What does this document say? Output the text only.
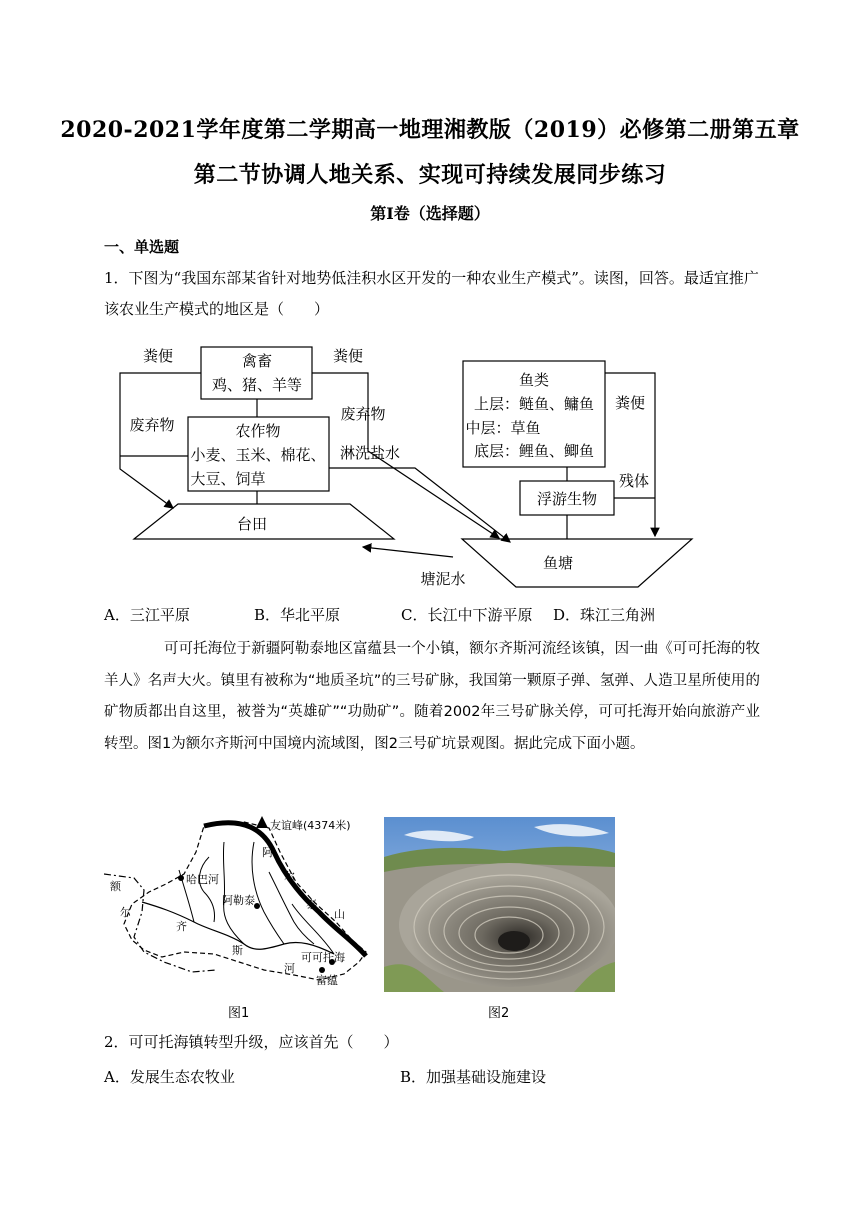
2020-2021学年度第二学期高一地理湘教版（2019）必修第二册第五章
第二节协调人地关系、实现可持续发展同步练习
第Ⅰ卷（选择题）
一、单选题
1．下图为“我国东部某省针对地势低洼积水区开发的一种农业生产模式”。读图，回答。最适宜推广该农业生产模式的地区是（　　）
禽畜
鸡、猪、羊等
农作物
小麦、玉米、棉花、
大豆、饲草
鱼类
上层：鲢鱼、鳙鱼
中层：草鱼
底层：鲤鱼、鲫鱼
浮游生物
台田
鱼塘
粪便	粪便
粪便
废弃物
废弃物
淋洗盐水
残体
塘泥水
A．三江平原	B．华北平原	C．长江中下游平原 D．珠江三角洲
可可托海位于新疆阿勒泰地区富蕴县一个小镇，额尔齐斯河流经该镇，因一曲《可可托海的牧羊人》名声大火。镇里有被称为“地质圣坑”的三号矿脉，我国第一颗原子弹、氢弹、人造卫星所使用的矿物质都出自这里，被誉为“英雄矿”“功勋矿”。随着2002年三号矿脉关停，可可托海开始向旅游产业转型。图1为额尔齐斯河中国境内流域图，图2三号矿坑景观图。据此完成下面小题。
友谊峰(4374米)
哈巴河
阿勒泰
可可托海
富蕴
额
尔
齐
斯
河
阿
尔
泰
山
图1	图2
2．可可托海镇转型升级，应该首先（　　）
A．发展生态农牧业	B．加强基础设施建设
